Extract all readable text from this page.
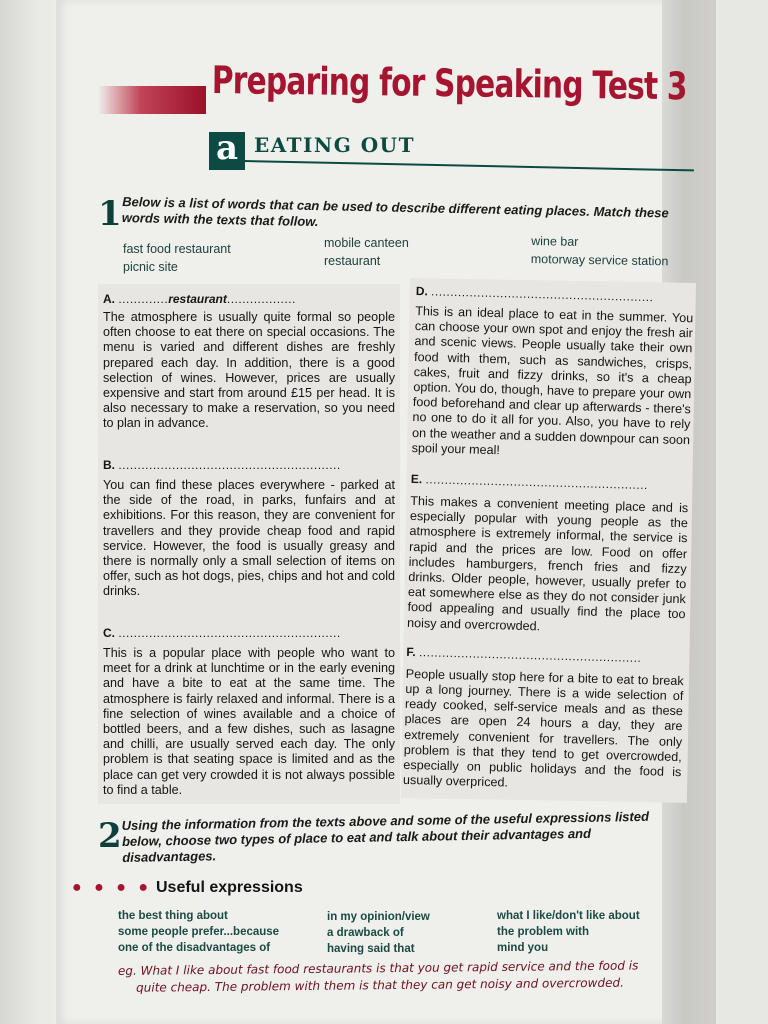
Preparing for Speaking Test 3
a EATING OUT
1 Below is a list of words that can be used to describe different eating places. Match these words with the texts that follow.
fast food restaurant
picnic site
mobile canteen
restaurant
wine bar
motorway service station
A. .............restaurant..................
The atmosphere is usually quite formal so people often choose to eat there on special occasions. The menu is varied and different dishes are freshly prepared each day. In addition, there is a good selection of wines. However, prices are usually expensive and start from around £15 per head. It is also necessary to make a reservation, so you need to plan in advance.
B. ..........................................................
You can find these places everywhere - parked at the side of the road, in parks, funfairs and at exhibitions. For this reason, they are convenient for travellers and they provide cheap food and rapid service. However, the food is usually greasy and there is normally only a small selection of items on offer, such as hot dogs, pies, chips and hot and cold drinks.
C. ..........................................................
This is a popular place with people who want to meet for a drink at lunchtime or in the early evening and have a bite to eat at the same time. The atmosphere is fairly relaxed and informal. There is a fine selection of wines available and a choice of bottled beers, and a few dishes, such as lasagne and chilli, are usually served each day. The only problem is that seating space is limited and as the place can get very crowded it is not always possible to find a table.
D. ..........................................................
This is an ideal place to eat in the summer. You can choose your own spot and enjoy the fresh air and scenic views. People usually take their own food with them, such as sandwiches, crisps, cakes, fruit and fizzy drinks, so it's a cheap option. You do, though, have to prepare your own food beforehand and clear up afterwards - there's no one to do it all for you. Also, you have to rely on the weather and a sudden downpour can soon spoil your meal!
E. ..........................................................
This makes a convenient meeting place and is especially popular with young people as the atmosphere is extremely informal, the service is rapid and the prices are low. Food on offer includes hamburgers, french fries and fizzy drinks. Older people, however, usually prefer to eat somewhere else as they do not consider junk food appealing and usually find the place too noisy and overcrowded.
F. ..........................................................
People usually stop here for a bite to eat to break up a long journey. There is a wide selection of ready cooked, self-service meals and as these places are open 24 hours a day, they are extremely convenient for travellers. The only problem is that they tend to get overcrowded, especially on public holidays and the food is usually overpriced.
2 Using the information from the texts above and some of the useful expressions listed below, choose two types of place to eat and talk about their advantages and disadvantages.
● ● ● ● Useful expressions
the best thing about
some people prefer...because
one of the disadvantages of
in my opinion/view
a drawback of
having said that
what I like/don't like about
the problem with
mind you
eg. What I like about fast food restaurants is that you get rapid service and the food is
quite cheap. The problem with them is that they can get noisy and overcrowded.
